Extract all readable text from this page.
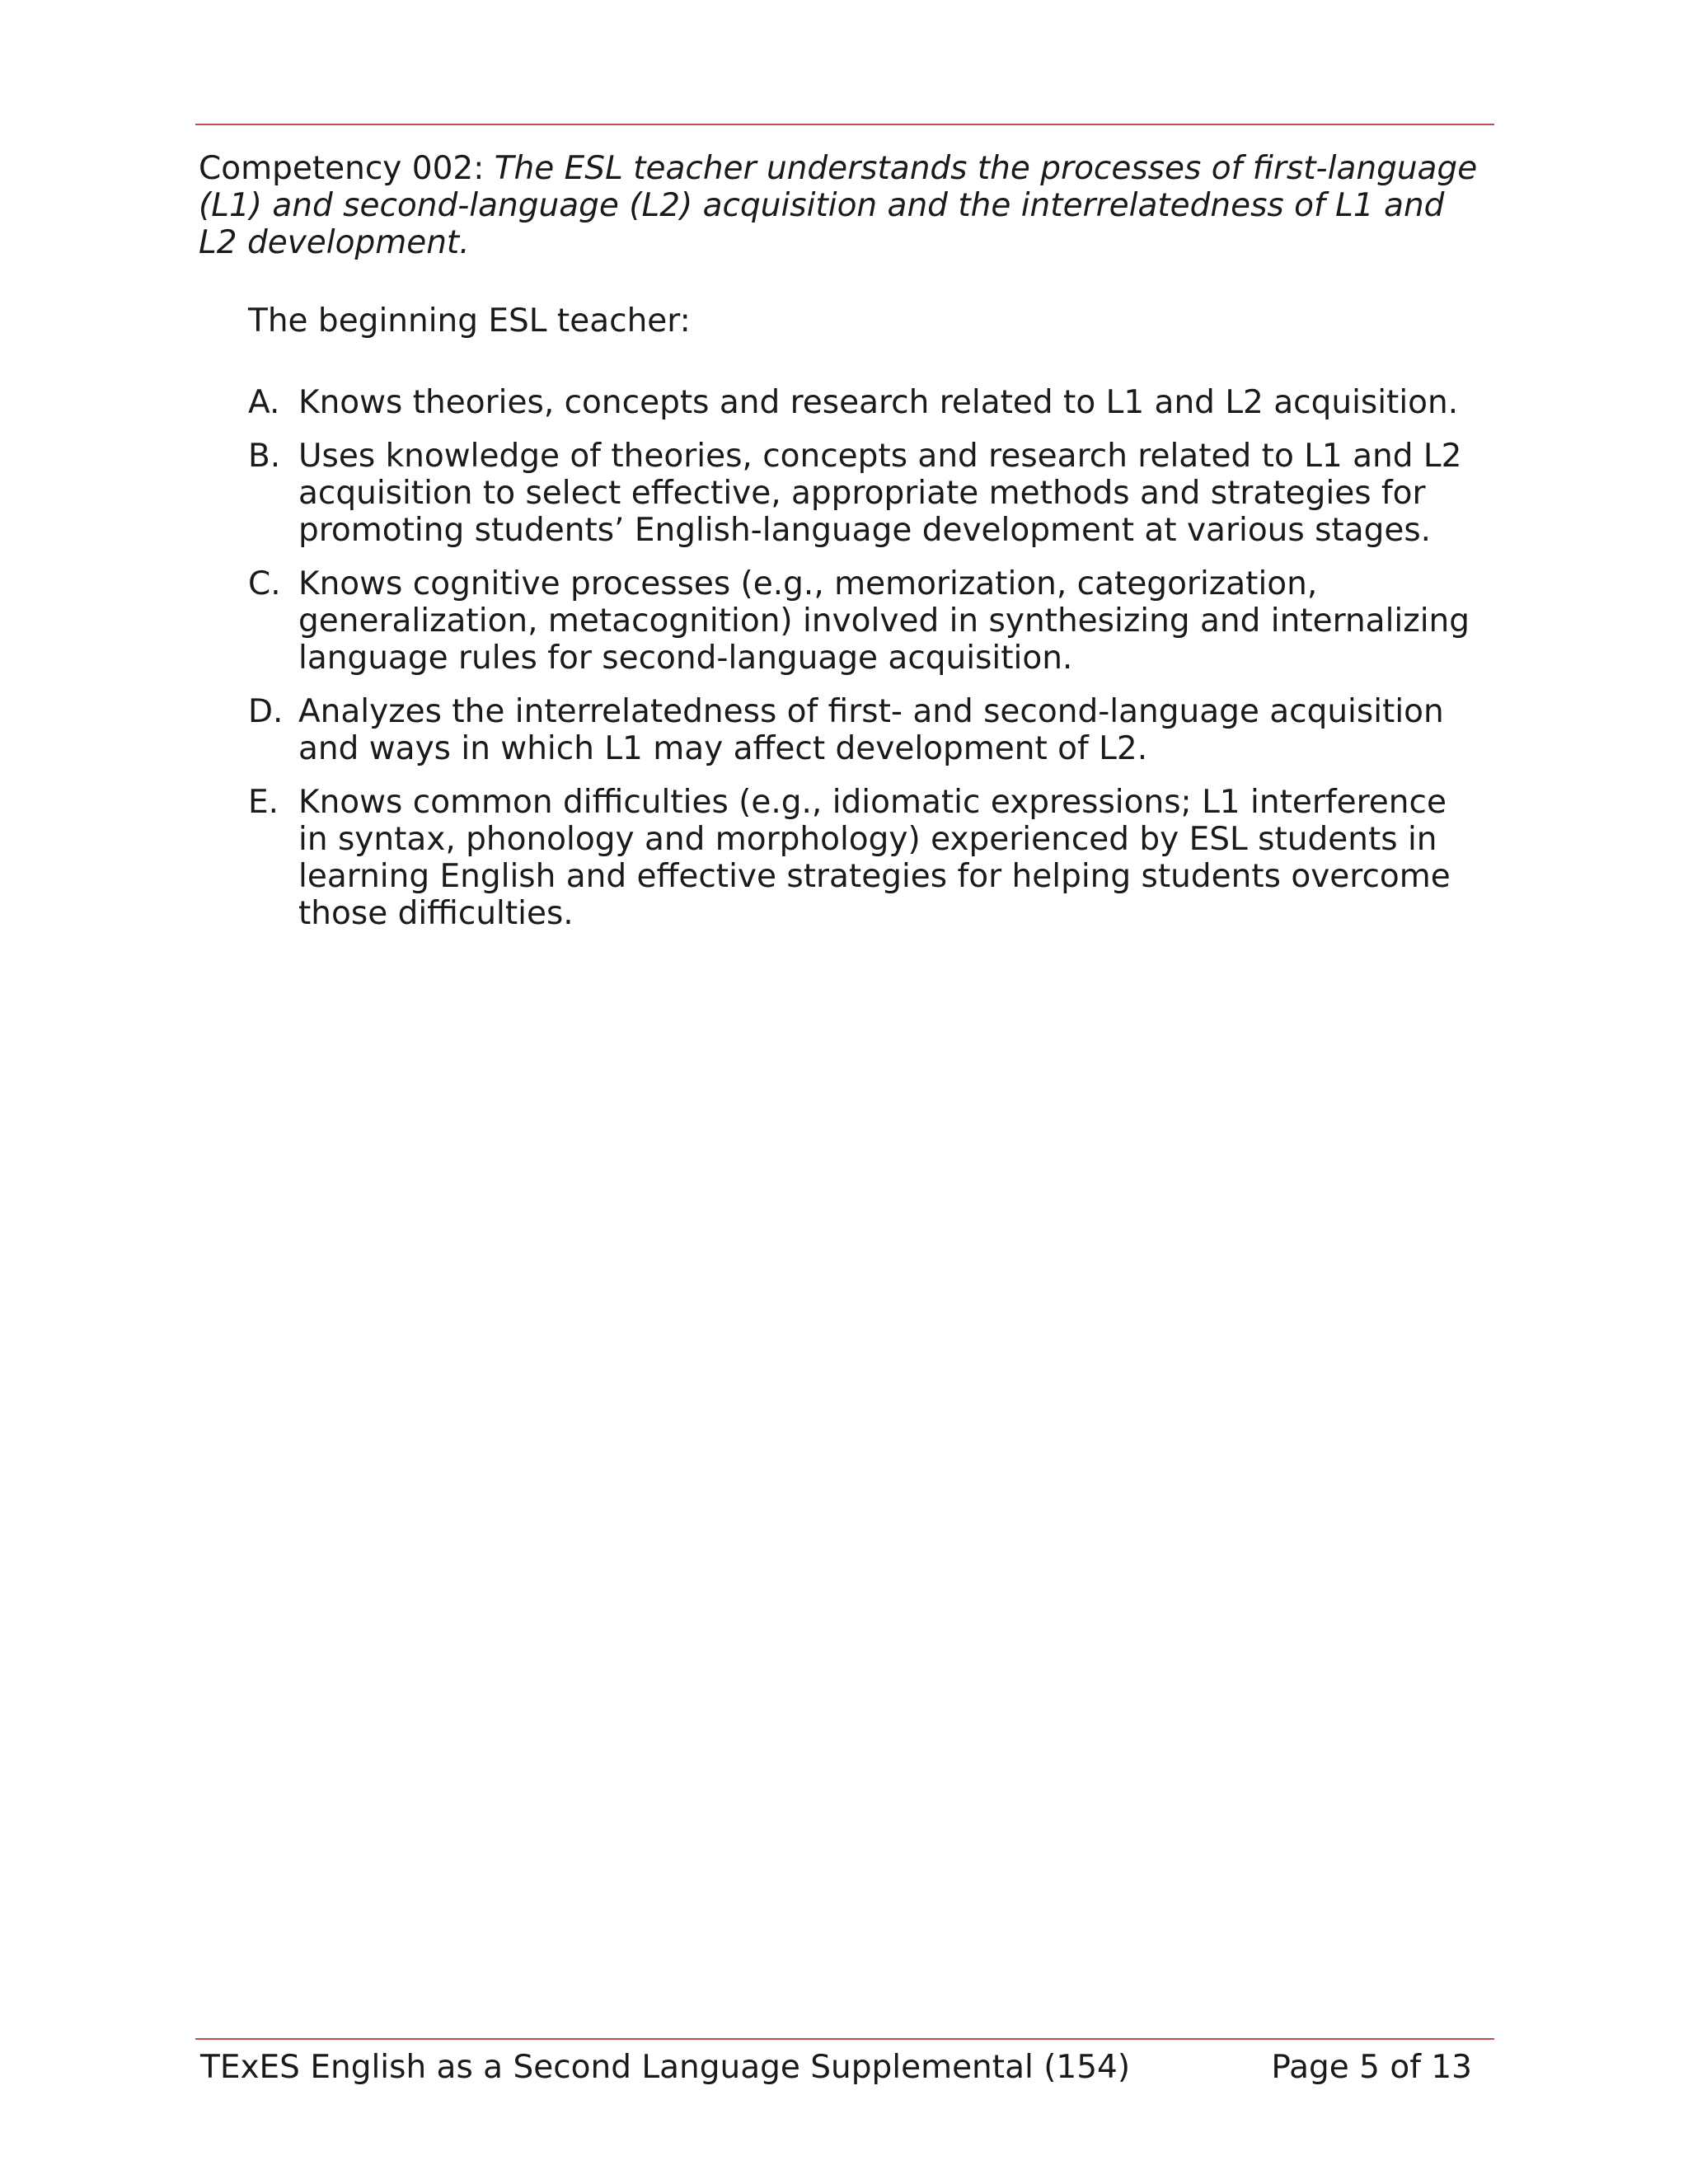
Competency 002: The ESL teacher understands the processes of first-language (L1) and second-language (L2) acquisition and the interrelatedness of L1 and L2 development.

The beginning ESL teacher:

A. Knows theories, concepts and research related to L1 and L2 acquisition.
B. Uses knowledge of theories, concepts and research related to L1 and L2 acquisition to select effective, appropriate methods and strategies for promoting students’ English-language development at various stages.
C. Knows cognitive processes (e.g., memorization, categorization, generalization, metacognition) involved in synthesizing and internalizing language rules for second-language acquisition.
D. Analyzes the interrelatedness of first- and second-language acquisition and ways in which L1 may affect development of L2.
E. Knows common difficulties (e.g., idiomatic expressions; L1 interference in syntax, phonology and morphology) experienced by ESL students in learning English and effective strategies for helping students overcome those difficulties.

TExES English as a Second Language Supplemental (154)	Page 5 of 13
